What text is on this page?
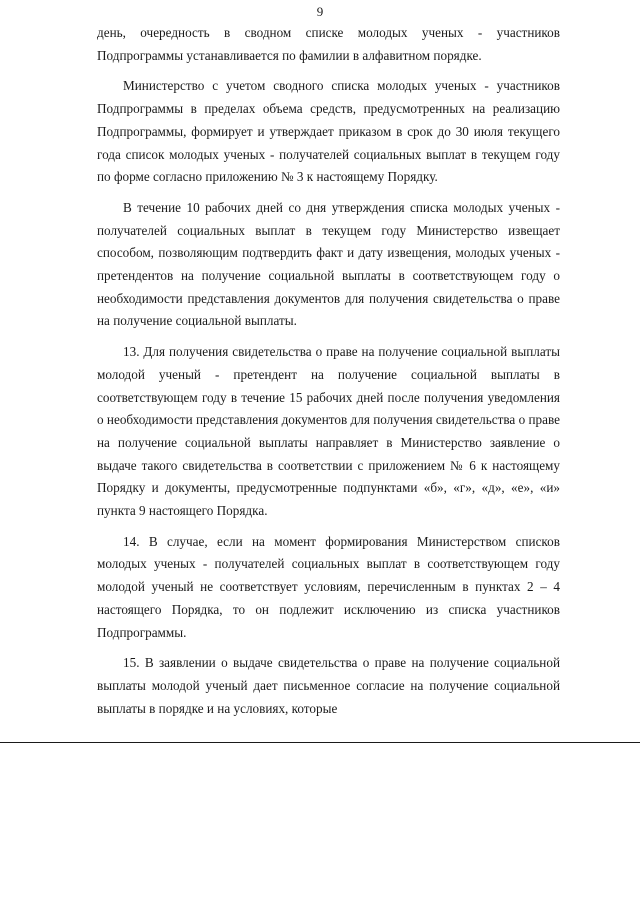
9

день, очередность в сводном списке молодых ученых - участников Подпрограммы устанавливается по фамилии в алфавитном порядке.

Министерство с учетом сводного списка молодых ученых - участников Подпрограммы в пределах объема средств, предусмотренных на реализацию Подпрограммы, формирует и утверждает приказом в срок до 30 июля текущего года список молодых ученых - получателей социальных выплат в текущем году по форме согласно приложению № 3 к настоящему Порядку.

В течение 10 рабочих дней со дня утверждения списка молодых ученых - получателей социальных выплат в текущем году Министерство извещает способом, позволяющим подтвердить факт и дату извещения, молодых ученых - претендентов на получение социальной выплаты в соответствующем году о необходимости представления документов для получения свидетельства о праве на получение социальной выплаты.

13. Для получения свидетельства о праве на получение социальной выплаты молодой ученый - претендент на получение социальной выплаты в соответствующем году в течение 15 рабочих дней после получения уведомления о необходимости представления документов для получения свидетельства о праве на получение социальной выплаты направляет в Министерство заявление о выдаче такого свидетельства в соответствии с приложением № 6 к настоящему Порядку и документы, предусмотренные подпунктами «б», «г», «д», «е», «и» пункта 9 настоящего Порядка.

14. В случае, если на момент формирования Министерством списков молодых ученых - получателей социальных выплат в соответствующем году молодой ученый не соответствует условиям, перечисленным в пунктах 2 – 4 настоящего Порядка, то он подлежит исключению из списка участников Подпрограммы.

15. В заявлении о выдаче свидетельства о праве на получение социальной выплаты молодой ученый дает письменное согласие на получение социальной выплаты в порядке и на условиях, которые
